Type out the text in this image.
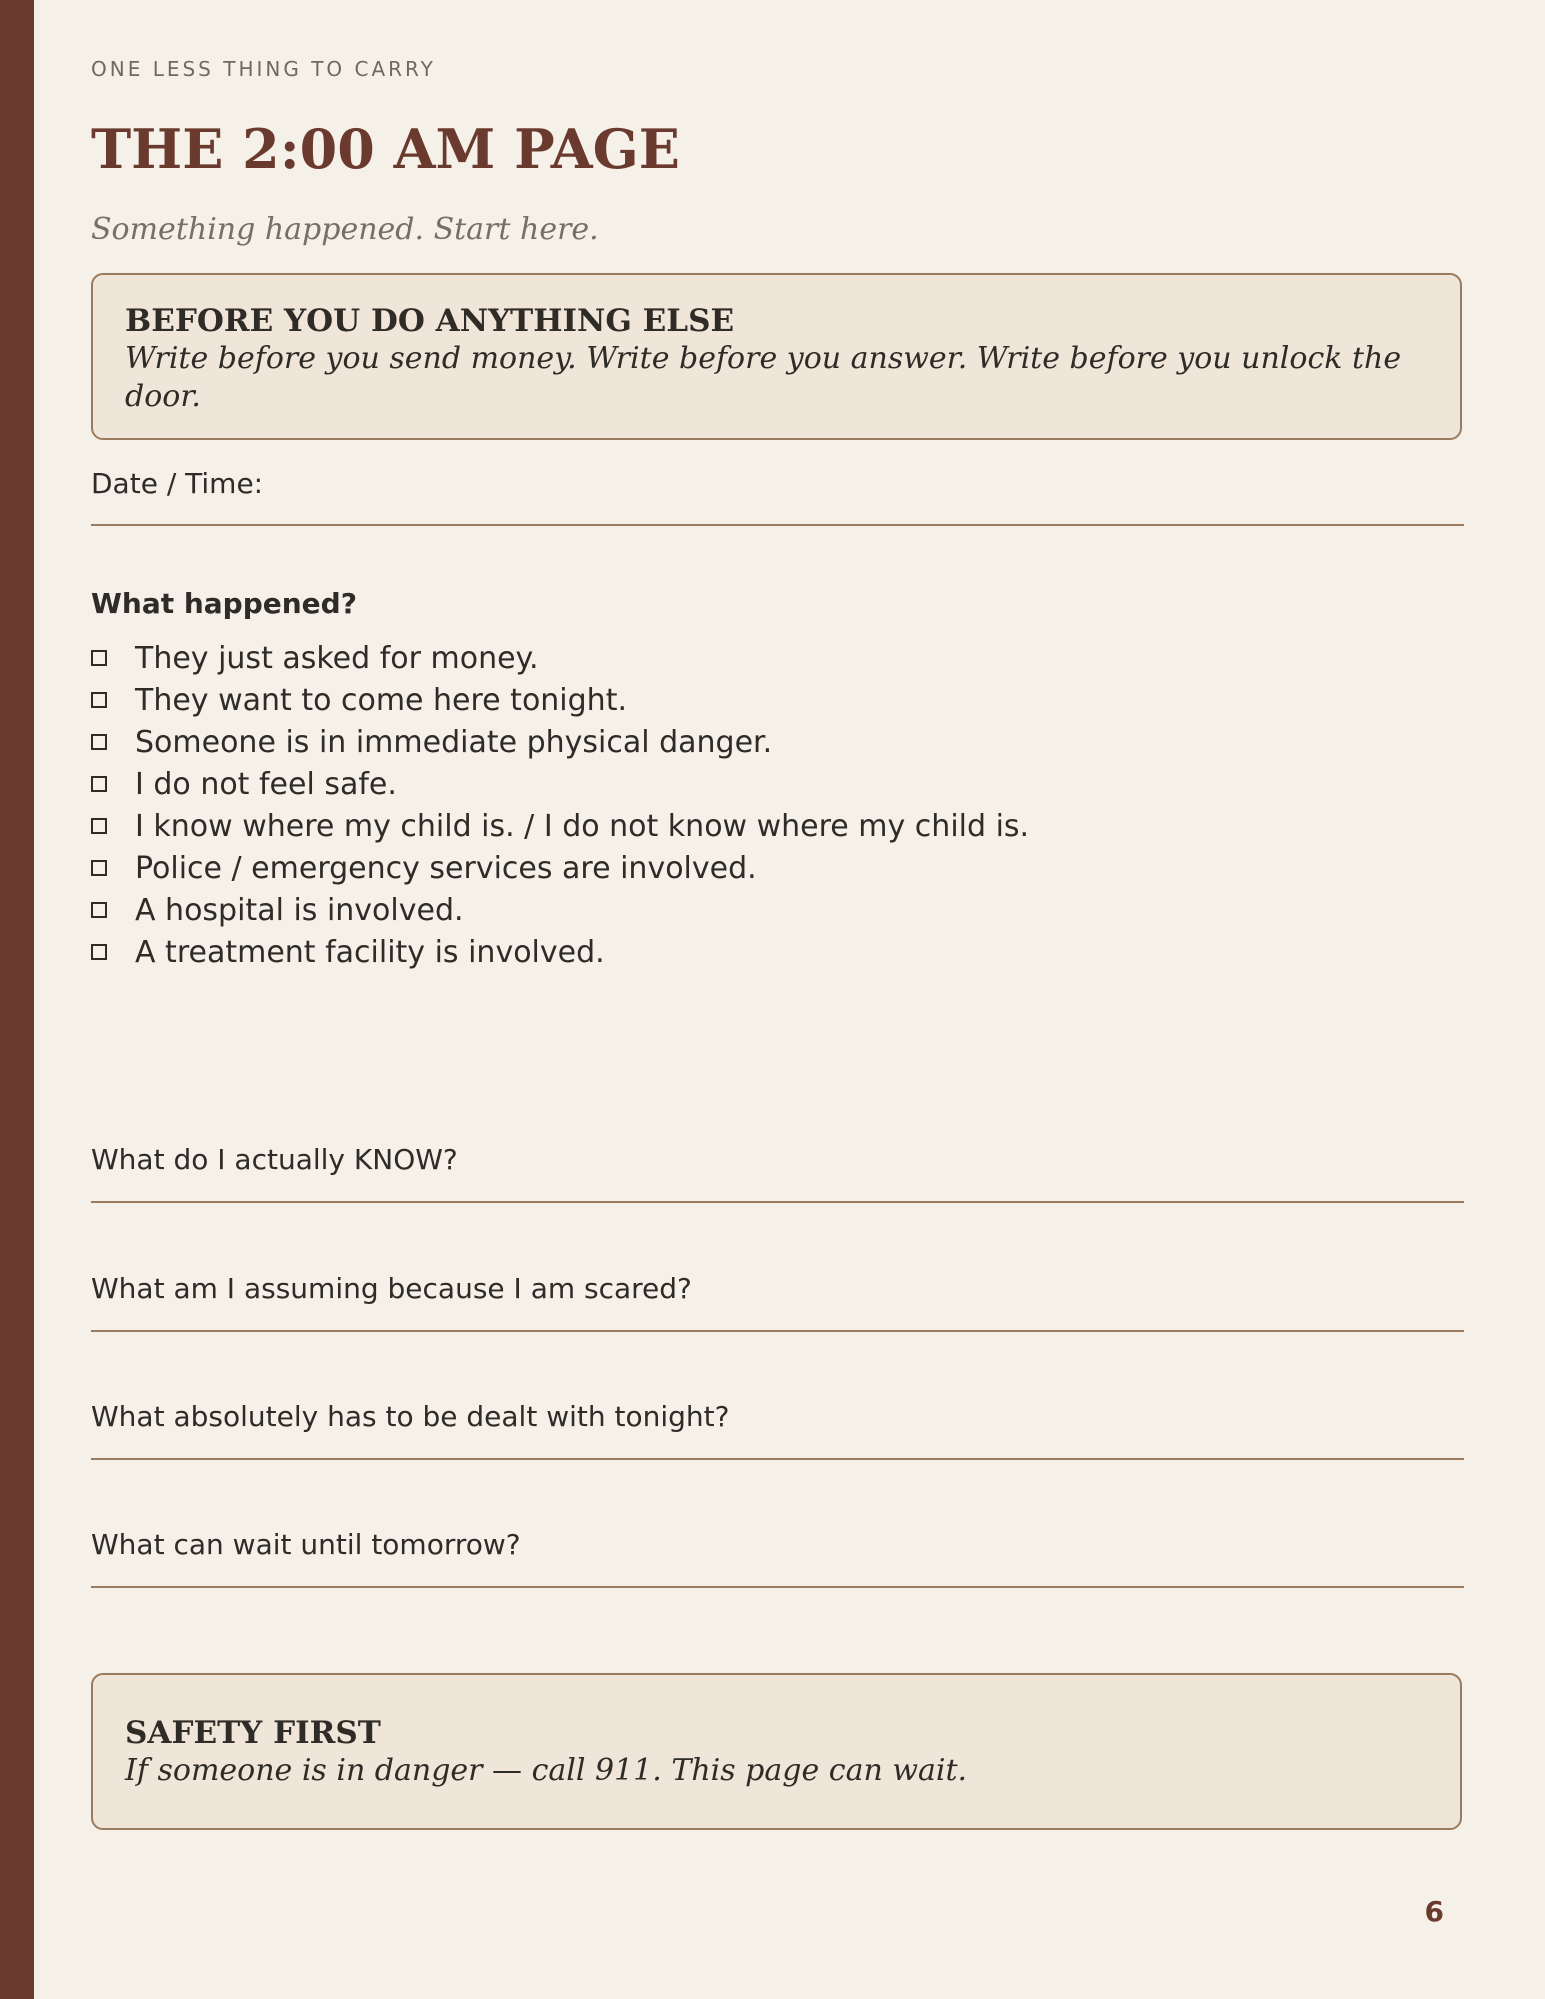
ONE LESS THING TO CARRY
THE 2:00 AM PAGE
Something happened. Start here.
BEFORE YOU DO ANYTHING ELSE
Write before you send money. Write before you answer. Write before you unlock the door.
Date / Time:
What happened?
They just asked for money.
They want to come here tonight.
Someone is in immediate physical danger.
I do not feel safe.
I know where my child is. / I do not know where my child is.
Police / emergency services are involved.
A hospital is involved.
A treatment facility is involved.
What do I actually KNOW?
What am I assuming because I am scared?
What absolutely has to be dealt with tonight?
What can wait until tomorrow?
SAFETY FIRST
If someone is in danger — call 911. This page can wait.
6
